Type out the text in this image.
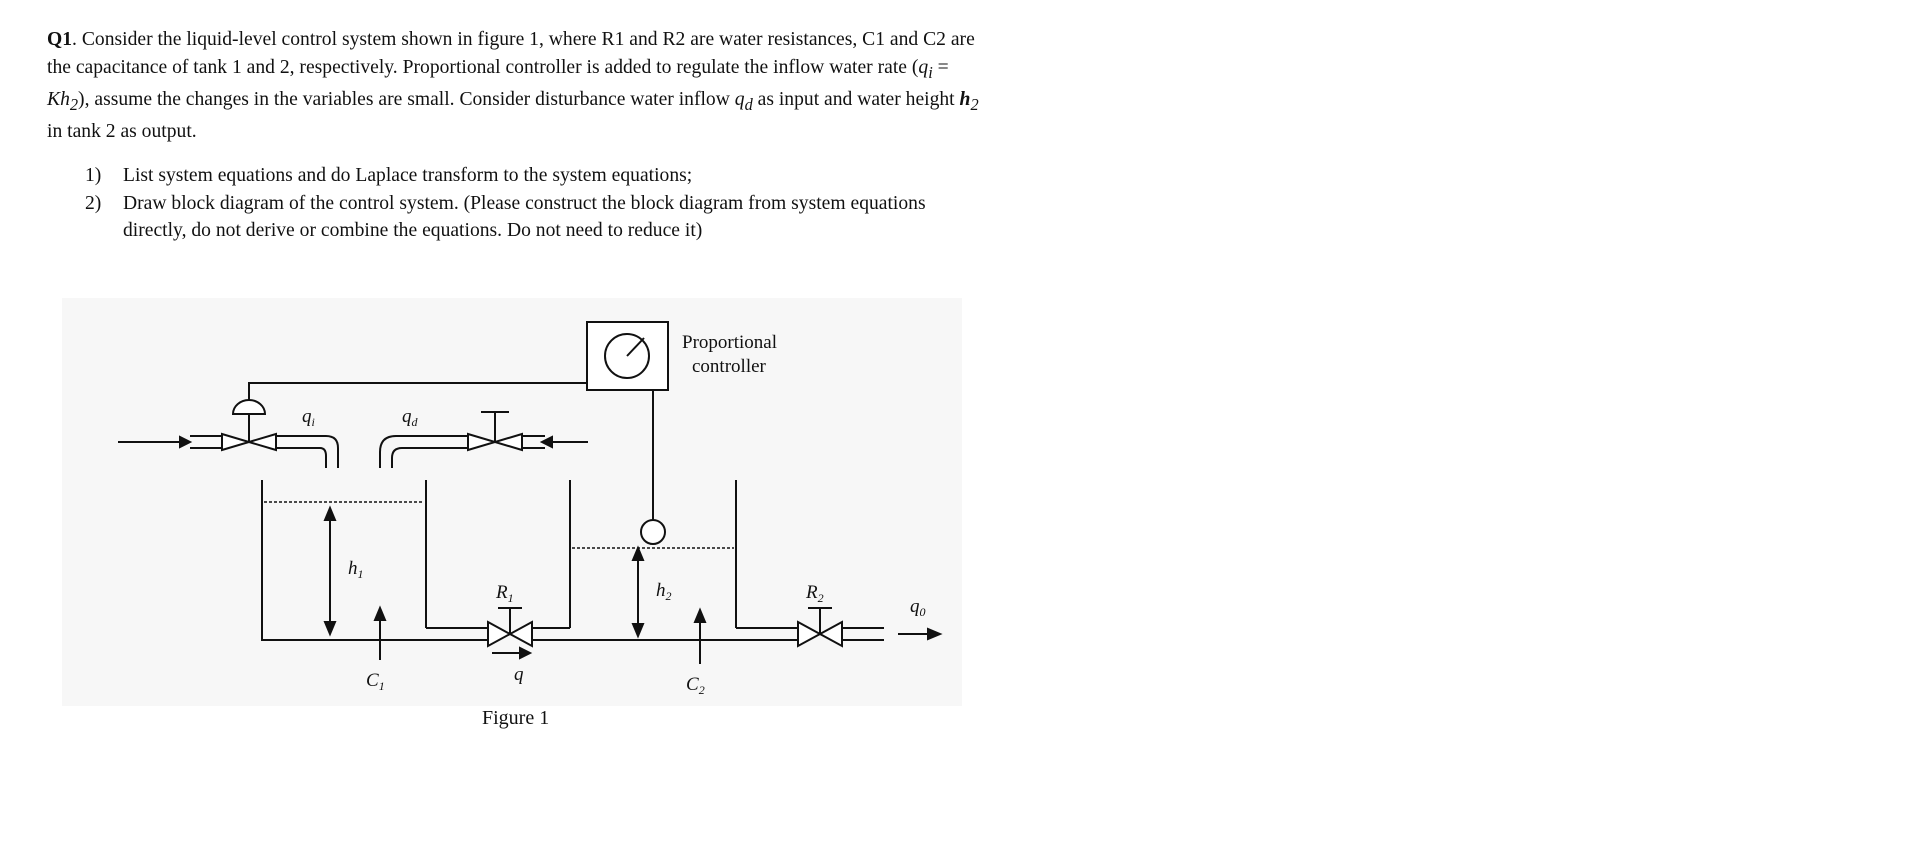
Q1. Consider the liquid-level control system shown in figure 1, where R1 and R2 are water resistances, C1 and C2 are the capacitance of tank 1 and 2, respectively. Proportional controller is added to regulate the inflow water rate $(q_i = Kh_2)$, assume the changes in the variables are small. Consider disturbance water inflow $q_d$ as input and water height $h_2$ in tank 2 as output.

1) List system equations and do Laplace transform to the system equations;
2) Draw block diagram of the control system. (Please construct the block diagram from system equations directly, do not derive or combine the equations. Do not need to reduce it)
Proportional
controller
$q_i$	$q_d$
$h_1$
$R_1$	$h_2$	$R_2$	$q_0$
$C_1$
q	$C_2$
Figure 1
